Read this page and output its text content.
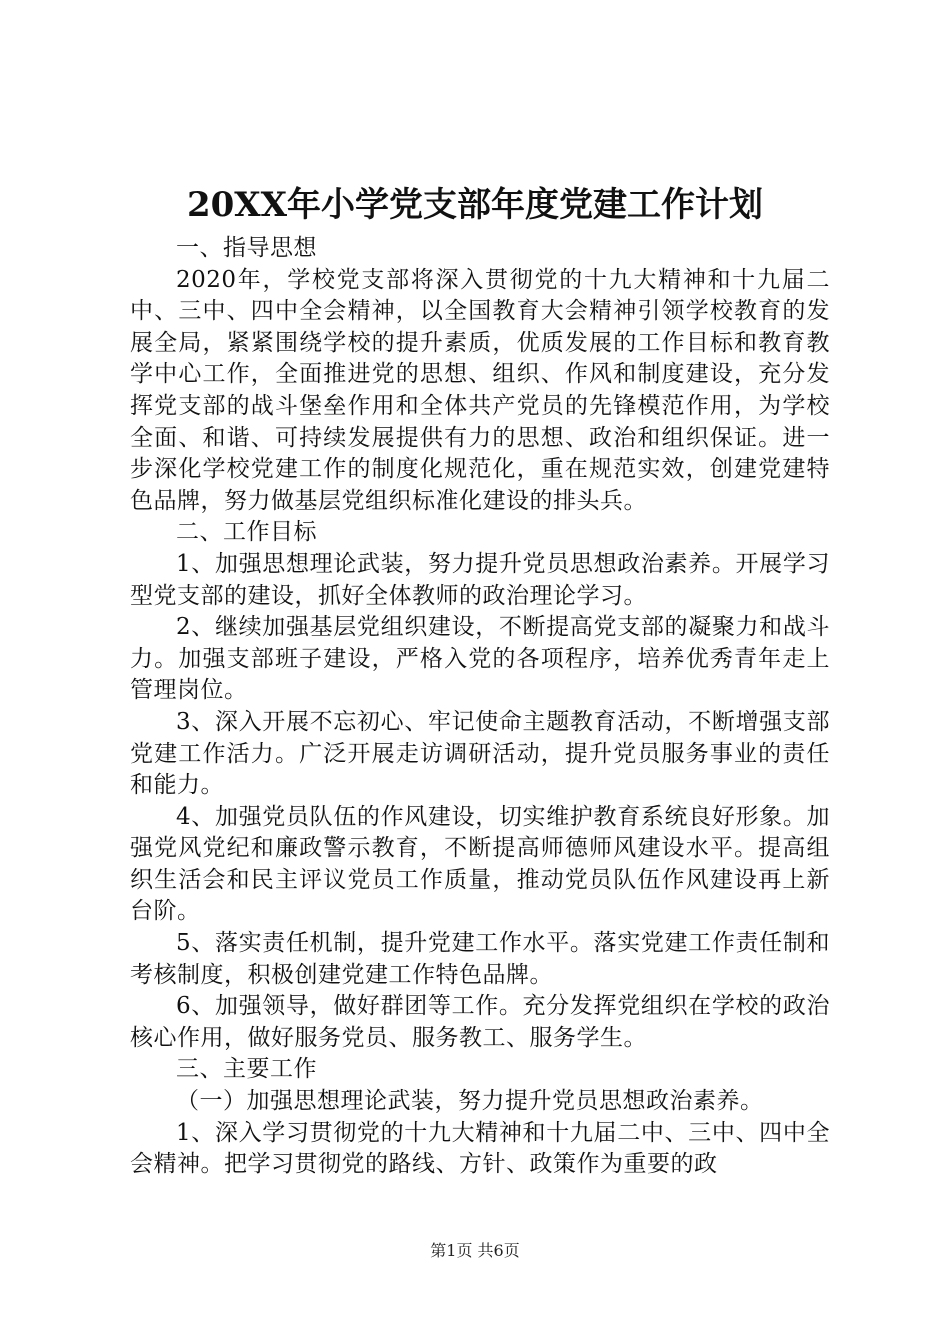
20XX年小学党支部年度党建工作计划

一、指导思想

2020年，学校党支部将深入贯彻党的十九大精神和十九届二中、三中、四中全会精神，以全国教育大会精神引领学校教育的发展全局，紧紧围绕学校的提升素质，优质发展的工作目标和教育教学中心工作，全面推进党的思想、组织、作风和制度建设，充分发挥党支部的战斗堡垒作用和全体共产党员的先锋模范作用，为学校全面、和谐、可持续发展提供有力的思想、政治和组织保证。进一步深化学校党建工作的制度化规范化，重在规范实效，创建党建特色品牌，努力做基层党组织标准化建设的排头兵。

二、工作目标

1、加强思想理论武装，努力提升党员思想政治素养。开展学习型党支部的建设，抓好全体教师的政治理论学习。

2、继续加强基层党组织建设，不断提高党支部的凝聚力和战斗力。加强支部班子建设，严格入党的各项程序，培养优秀青年走上管理岗位。

3、深入开展不忘初心、牢记使命主题教育活动，不断增强支部党建工作活力。广泛开展走访调研活动，提升党员服务事业的责任和能力。

4、加强党员队伍的作风建设，切实维护教育系统良好形象。加强党风党纪和廉政警示教育，不断提高师德师风建设水平。提高组织生活会和民主评议党员工作质量，推动党员队伍作风建设再上新台阶。

5、落实责任机制，提升党建工作水平。落实党建工作责任制和考核制度，积极创建党建工作特色品牌。

6、加强领导，做好群团等工作。充分发挥党组织在学校的政治核心作用，做好服务党员、服务教工、服务学生。

三、主要工作

（一）加强思想理论武装，努力提升党员思想政治素养。

1、深入学习贯彻党的十九大精神和十九届二中、三中、四中全会精神。把学习贯彻党的路线、方针、政策作为重要的政

第1页 共6页
